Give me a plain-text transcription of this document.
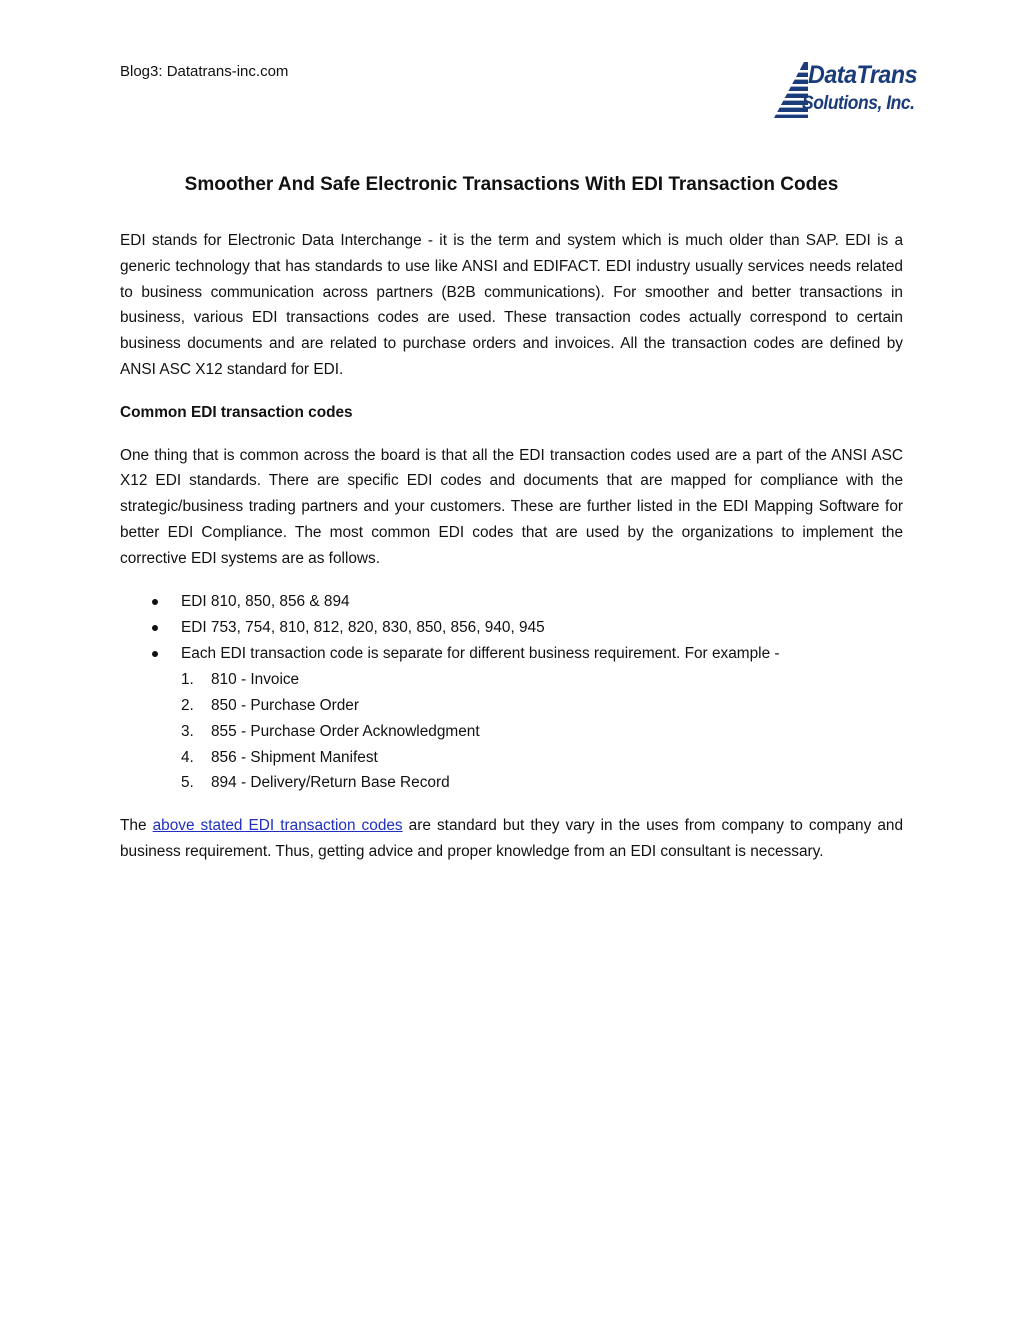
Blog3: Datatrans-inc.com	DataTrans
Solutions, Inc.
Smoother And Safe Electronic Transactions With EDI Transaction Codes

EDI stands for Electronic Data Interchange - it is the term and system which is much older than SAP. EDI is a generic technology that has standards to use like ANSI and EDIFACT. EDI industry usually services needs related to business communication across partners (B2B communications). For smoother and better transactions in business, various EDI transactions codes are used. These transaction codes actually correspond to certain business documents and are related to purchase orders and invoices. All the transaction codes are defined by ANSI ASC X12 standard for EDI.

Common EDI transaction codes

One thing that is common across the board is that all the EDI transaction codes used are a part of the ANSI ASC X12 EDI standards. There are specific EDI codes and documents that are mapped for compliance with the strategic/business trading partners and your customers. These are further listed in the EDI Mapping Software for better EDI Compliance. The most common EDI codes that are used by the organizations to implement the corrective EDI systems are as follows.

EDI 810, 850, 856 & 894
EDI 753, 754, 810, 812, 820, 830, 850, 856, 940, 945
Each EDI transaction code is separate for different business requirement. For example -
1. 810 - Invoice
2. 850 - Purchase Order
3. 855 - Purchase Order Acknowledgment
4. 856 - Shipment Manifest
5. 894 - Delivery/Return Base Record

The above stated EDI transaction codes are standard but they vary in the uses from company to company and business requirement. Thus, getting advice and proper knowledge from an EDI consultant is necessary.
